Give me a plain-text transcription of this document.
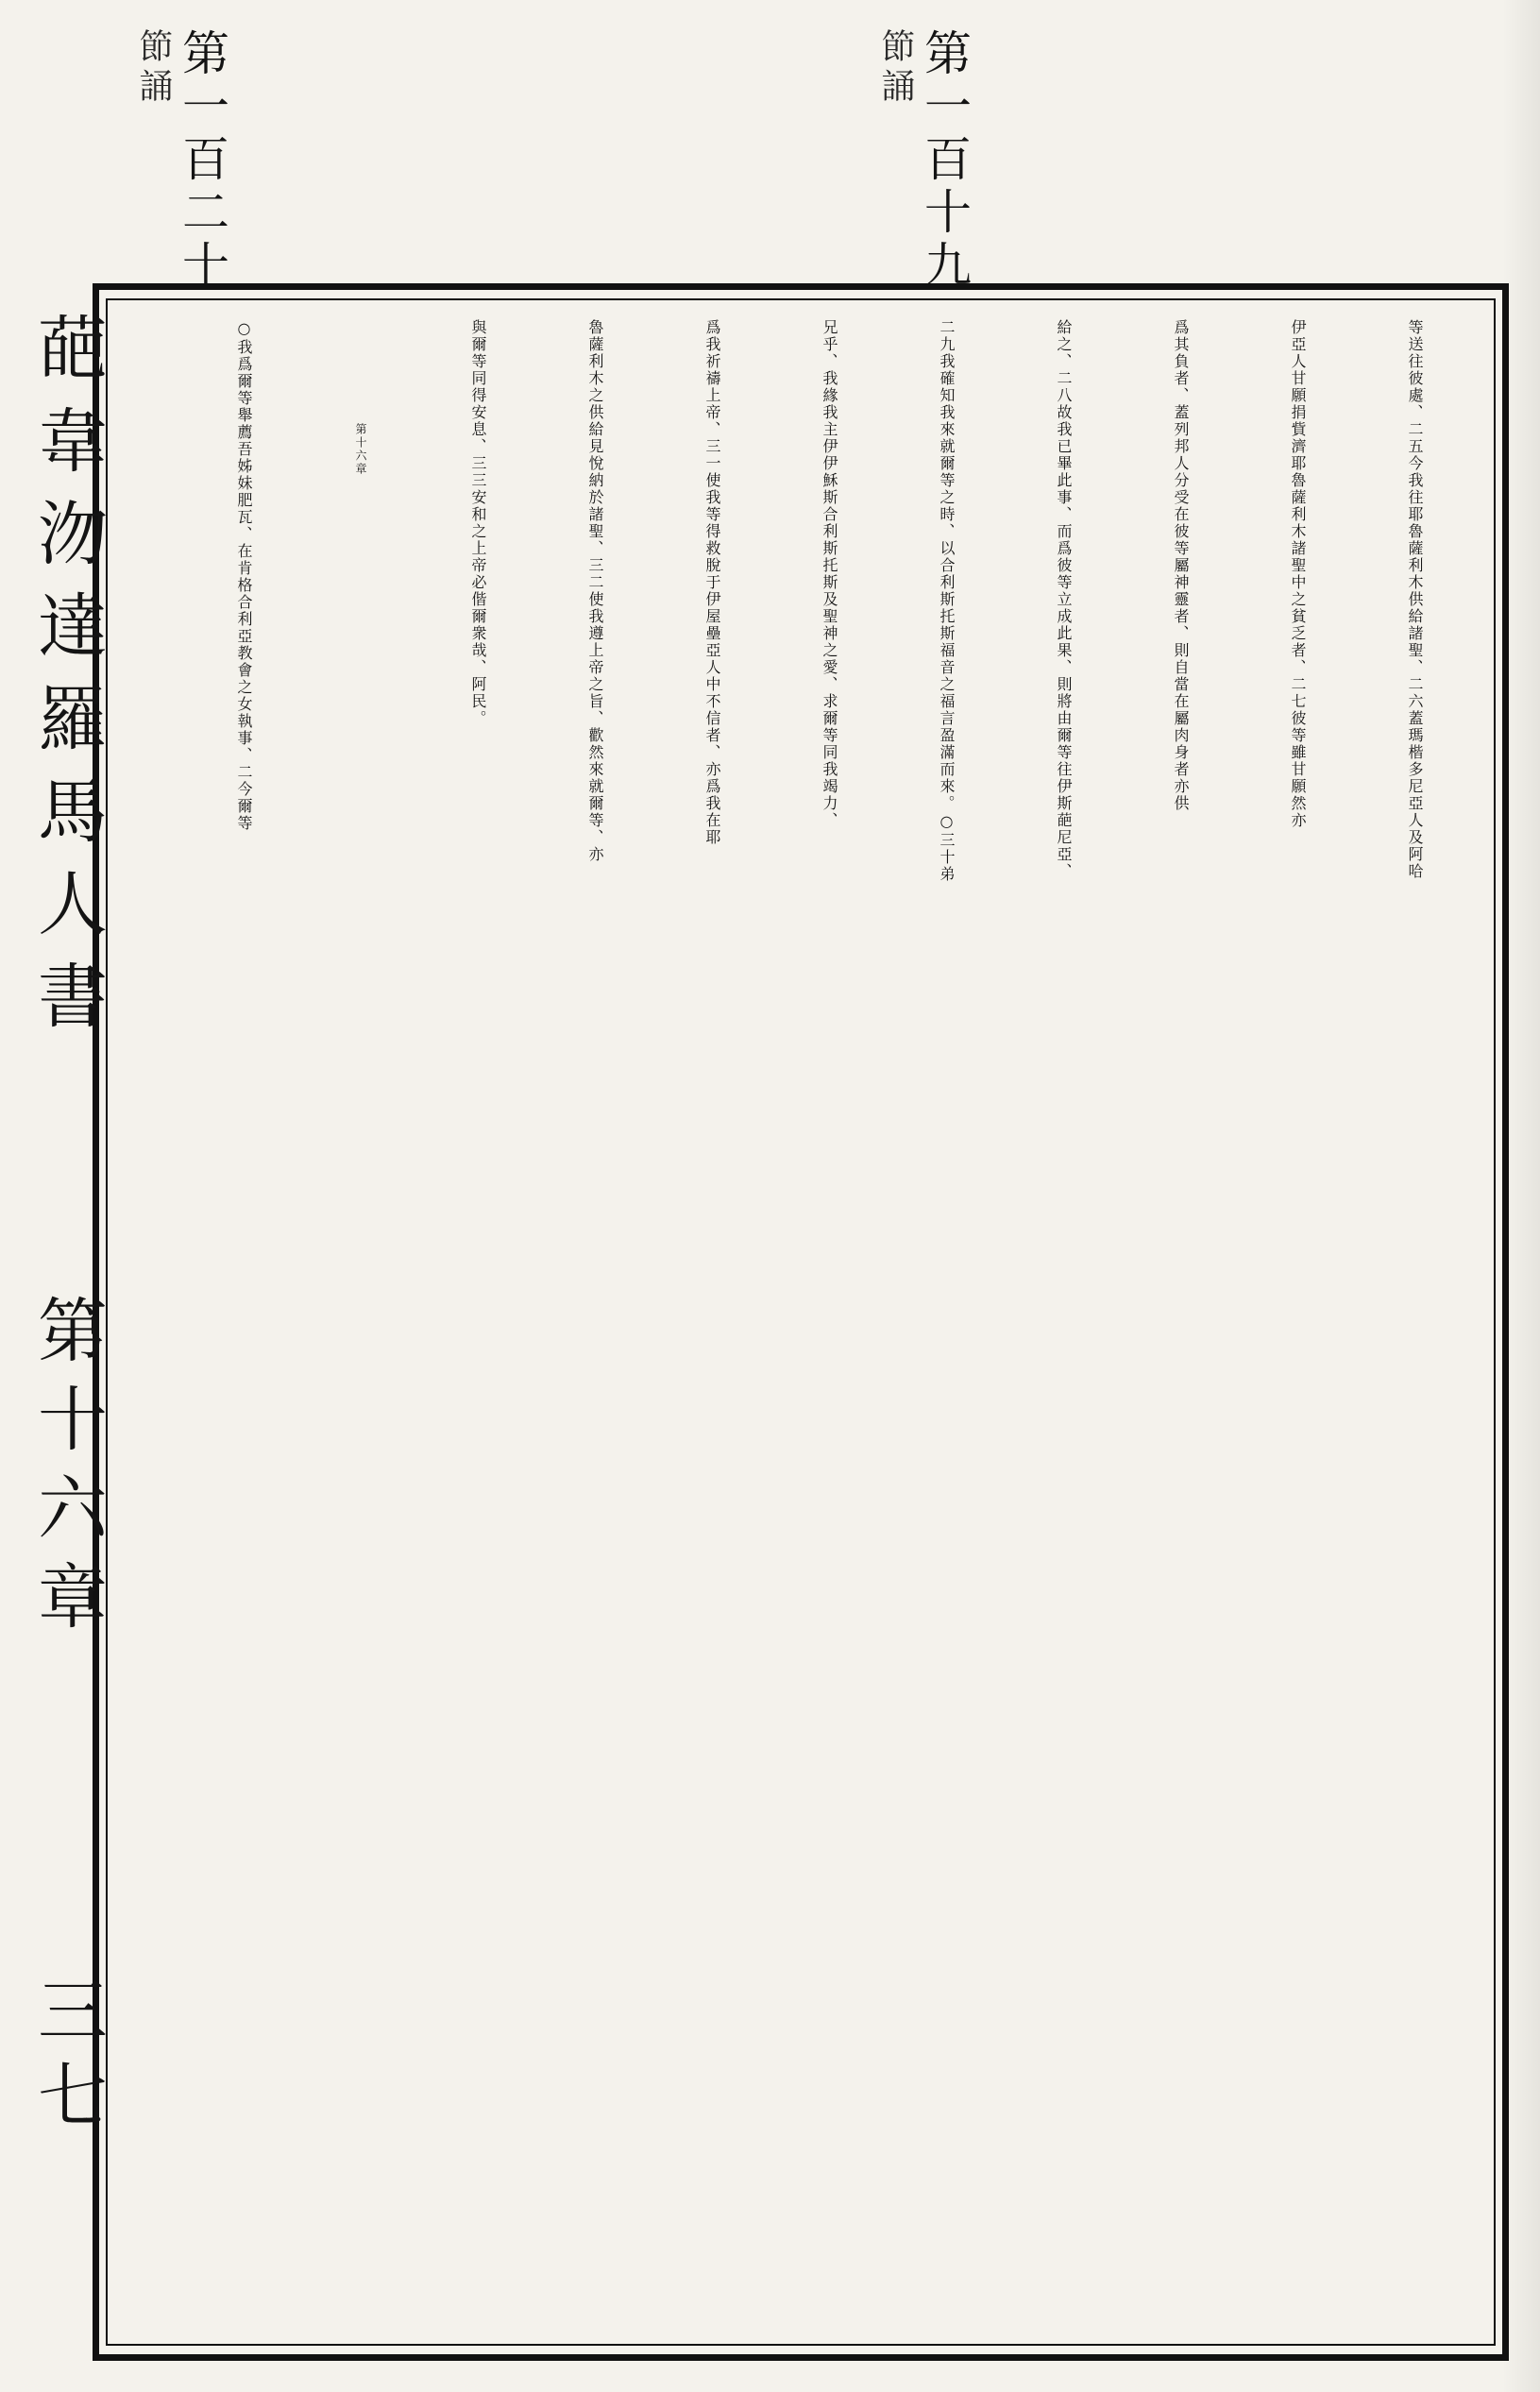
第一百十九
節誦
第一百二十
節誦
葩韋沕達羅馬人書
第十六章
三七
等送往彼處、二五今我往耶魯薩利木供給諸聖、二六蓋瑪楷多尼亞人及阿哈
伊亞人甘願捐貲濟耶魯薩利木諸聖中之貧乏者、二七彼等雖甘願然亦
爲其負者、蓋列邦人分受在彼等屬神靈者、則自當在屬肉身者亦供
給之、二八故我已畢此事、而爲彼等立成此果、則將由爾等往伊斯葩尼亞、
二九我確知我來就爾等之時、以合利斯托斯福音之福言盈滿而來。○三十弟
兄乎、我緣我主伊伊穌斯合利斯托斯及聖神之愛、求爾等同我竭力、
爲我祈禱上帝、三一使我等得救脫于伊屋壘亞人中不信者、亦爲我在耶
魯薩利木之供給見悅納於諸聖、三二使我遵上帝之旨、歡然來就爾等、亦
與爾等同得安息、三三安和之上帝必偕爾衆哉、阿民。
第十六章
○我爲爾等舉薦吾姊妹肥瓦、在肯格合利亞教會之女執事、二今爾等
